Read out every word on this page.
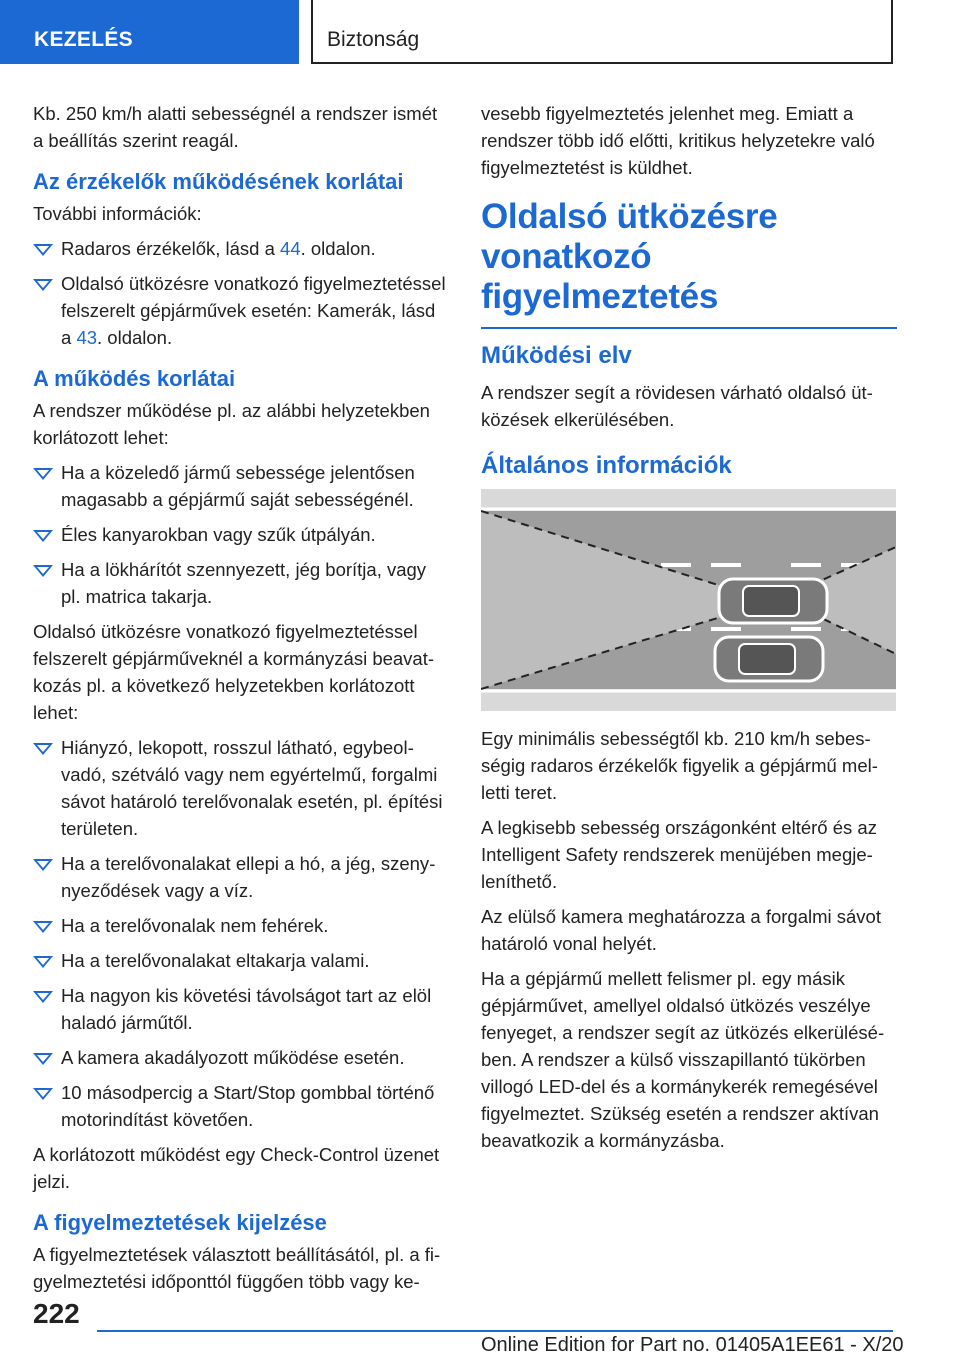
KEZELÉS	Biztonság

Kb. 250 km/h alatti sebességnél a rendszer ismét a beállítás szerint reagál.

Az érzékelők működésének korlátai

További információk:

Radaros érzékelők, lásd a 44. oldalon.
Oldalsó ütközésre vonatkozó figyelmeztetéssel felszerelt gépjárművek esetén: Kamerák, lásd a 43. oldalon.
A működés korlátai

A rendszer működése pl. az alábbi helyzetekben korlátozott lehet:

Ha a közeledő jármű sebessége jelentősen magasabb a gépjármű saját sebességénél.
Éles kanyarokban vagy szűk útpályán.
Ha a lökhárítót szennyezett, jég borítja, vagy pl. matrica takarja.

Oldalsó ütközésre vonatkozó figyelmeztetéssel felszerelt gépjárműveknél a kormányzási beavatkozás pl. a következő helyzetekben korlátozott lehet:

Hiányzó, lekopott, rosszul látható, egybeolvadó, szétváló vagy nem egyértelmű, forgalmi sávot határoló terelővonalak esetén, pl. építési területen.
Ha a terelővonalakat ellepi a hó, a jég, szenynyeződések vagy a víz.
Ha a terelővonalak nem fehérek.
Ha a terelővonalakat eltakarja valami.
Ha nagyon kis követési távolságot tart az elöl haladó járműtől.
A kamera akadályozott működése esetén.
10 másodpercig a Start/Stop gombbal történő motorindítást követően.

A korlátozott működést egy Check-Control üzenet jelzi.

A figyelmeztetések kijelzése

A figyelmeztetések választott beállításától, pl. a figyelmeztetési időponttól függően több vagy ke-

vesebb figyelmeztetés jelenhet meg. Emiatt a rendszer több idő előtti, kritikus helyzetekre való figyelmeztetést is küldhet.

Oldalsó ütközésre vonatkozó figyelmeztetés
Működési elv

A rendszer segít a rövidesen várható oldalsó ütközések elkerülésében.

Általános információk

Egy minimális sebességtől kb. 210 km/h sebességig radaros érzékelők figyelik a gépjármű melletti teret.

A legkisebb sebesség országonként eltérő és az Intelligent Safety rendszerek menüjében megjeleníthető.

Az elülső kamera meghatározza a forgalmi sávot határoló vonal helyét.

Ha a gépjármű mellett felismer pl. egy másik gépjárművet, amellyel oldalsó ütközés veszélye fenyeget, a rendszer segít az ütközés elkerülésében. A rendszer a külső visszapillantó tükörben villogó LED-del és a kormánykerék remegésével figyelmeztet. Szükség esetén a rendszer aktívan beavatkozik a kormányzásba.

222
Online Edition for Part no. 01405A1EE61 - X/20
